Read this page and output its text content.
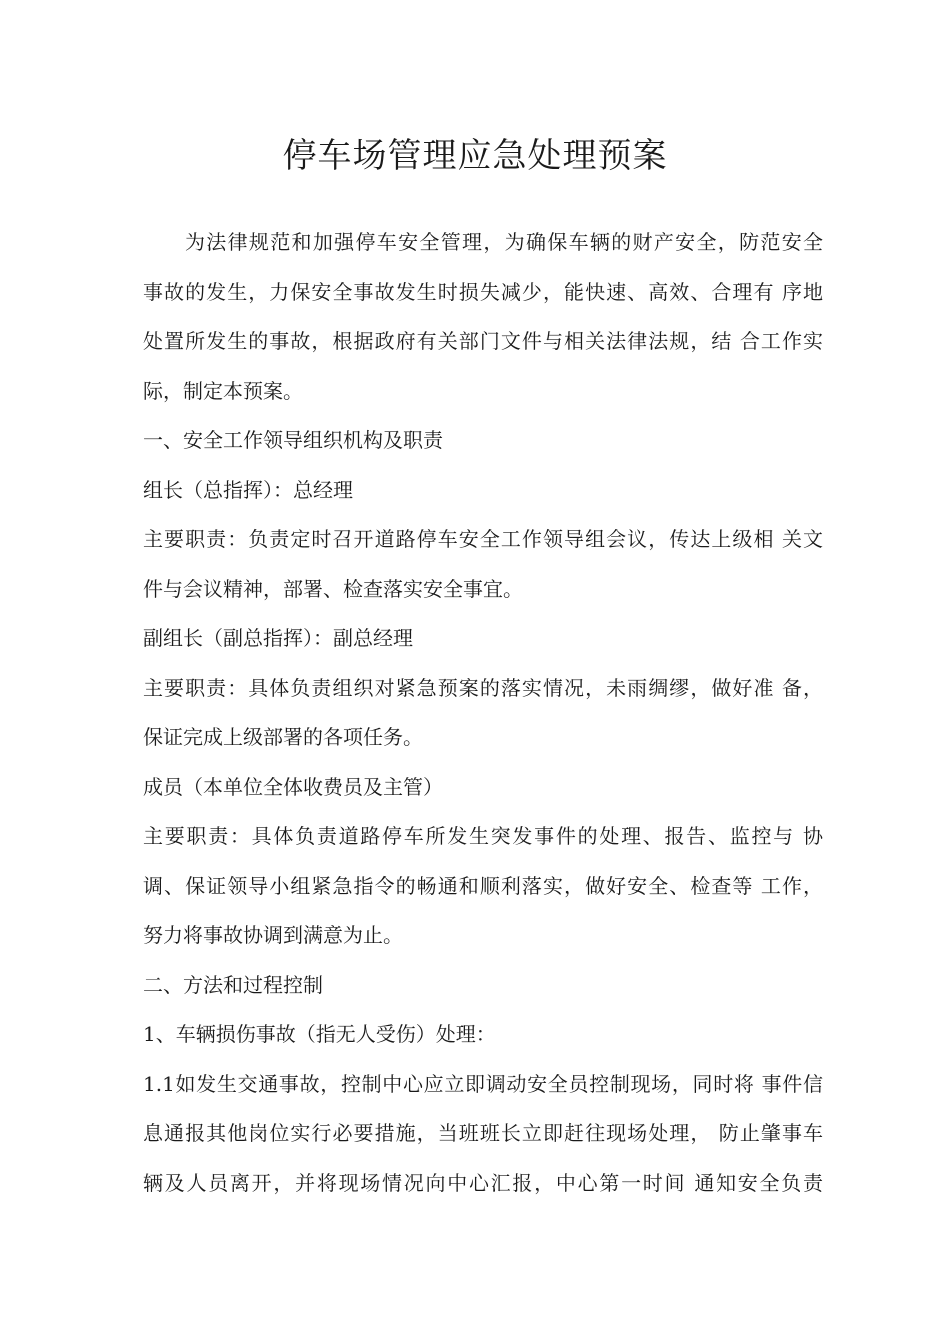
停车场管理应急处理预案
为法律规范和加强停车安全管理，为确保车辆的财产安全，防范安全
事故的发生，力保安全事故发生时损失减少，能快速、高效、合理有 序地
处置所发生的事故，根据政府有关部门文件与相关法律法规，结 合工作实
际，制定本预案。
一、安全工作领导组织机构及职责
组长（总指挥）：总经理
主要职责：负责定时召开道路停车安全工作领导组会议，传达上级相 关文
件与会议精神，部署、检查落实安全事宜。
副组长（副总指挥）：副总经理
主要职责：具体负责组织对紧急预案的落实情况，未雨绸缪，做好准 备，
保证完成上级部署的各项任务。
成员（本单位全体收费员及主管）
主要职责：具体负责道路停车所发生突发事件的处理、报告、监控与 协
调、保证领导小组紧急指令的畅通和顺利落实，做好安全、检查等 工作，
努力将事故协调到满意为止。
二、方法和过程控制
1、车辆损伤事故（指无人受伤）处理：
1.1如发生交通事故，控制中心应立即调动安全员控制现场，同时将 事件信
息通报其他岗位实行必要措施，当班班长立即赶往现场处理， 防止肇事车
辆及人员离开，并将现场情况向中心汇报，中心第一时间 通知安全负责
